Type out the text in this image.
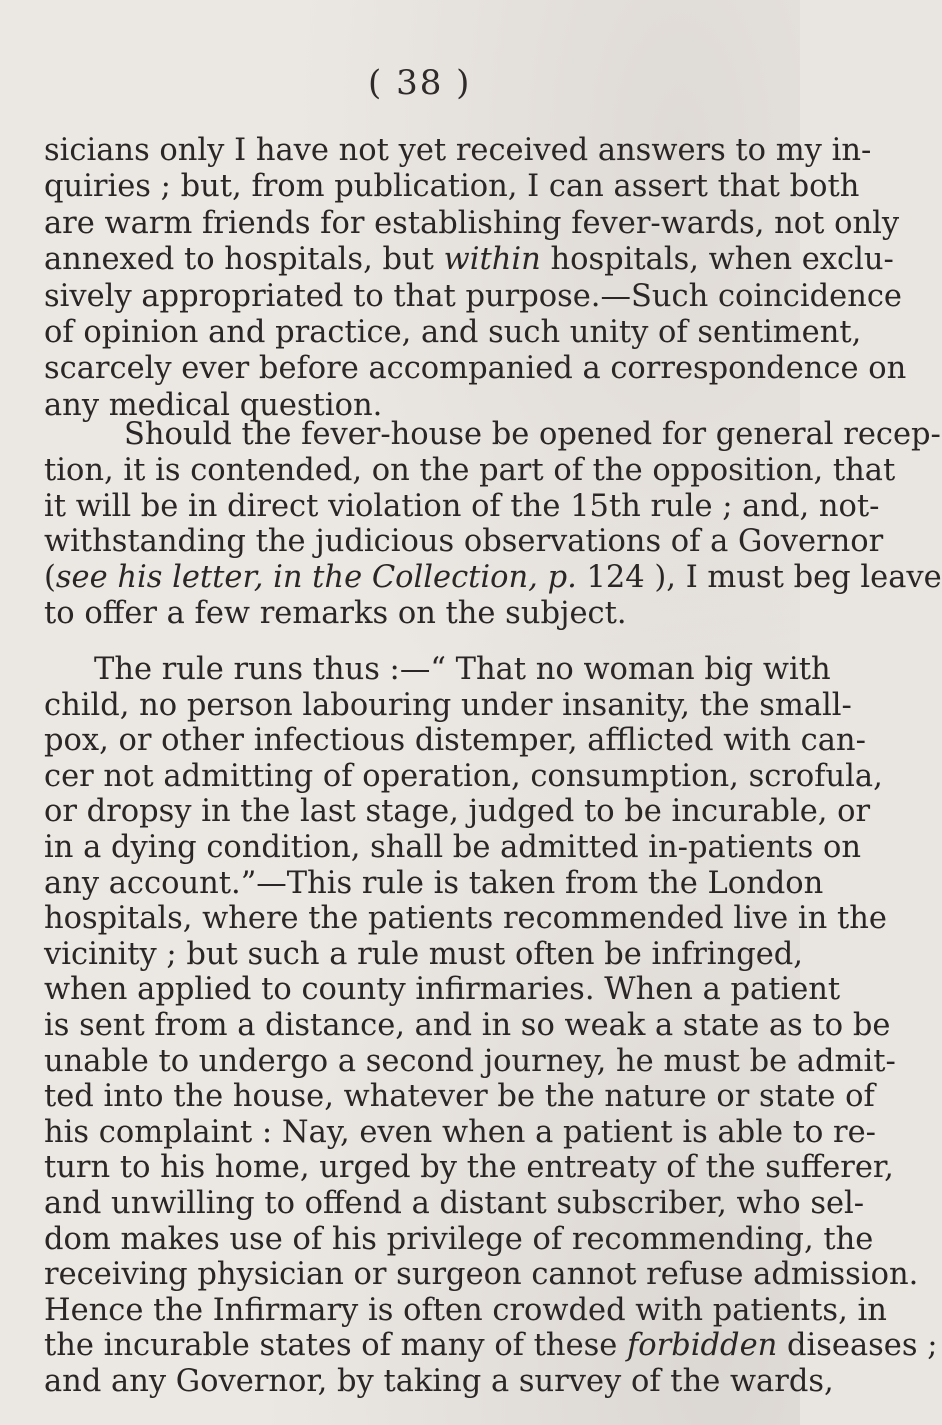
( 38 )
sicians only I have not yet received answers to my in-
quiries ; but, from publication, I can assert that both
are warm friends for establishing fever-wards, not only
annexed to hospitals, but within hospitals, when exclu-
sively appropriated to that purpose.—Such coincidence
of opinion and practice, and such unity of sentiment,
scarcely ever before accompanied a correspondence on
any medical question.
Should the fever-house be opened for general recep-
tion, it is contended, on the part of the opposition, that
it will be in direct violation of the 15th rule ; and, not-
withstanding the judicious observations of a Governor
(see his letter, in the Collection, p. 124 ), I must beg leave
to offer a few remarks on the subject.
The rule runs thus :—“ That no woman big with
child, no person labouring under insanity, the small-
pox, or other infectious distemper, afflicted with can-
cer not admitting of operation, consumption, scrofula,
or dropsy in the last stage, judged to be incurable, or
in a dying condition, shall be admitted in-patients on
any account.”—This rule is taken from the London
hospitals, where the patients recommended live in the
vicinity ; but such a rule must often be infringed,
when applied to county infirmaries. When a patient
is sent from a distance, and in so weak a state as to be
unable to undergo a second journey, he must be admit-
ted into the house, whatever be the nature or state of
his complaint : Nay, even when a patient is able to re-
turn to his home, urged by the entreaty of the sufferer,
and unwilling to offend a distant subscriber, who sel-
dom makes use of his privilege of recommending, the
receiving physician or surgeon cannot refuse admission.
Hence the Infirmary is often crowded with patients, in
the incurable states of many of these forbidden diseases ;
and any Governor, by taking a survey of the wards,
